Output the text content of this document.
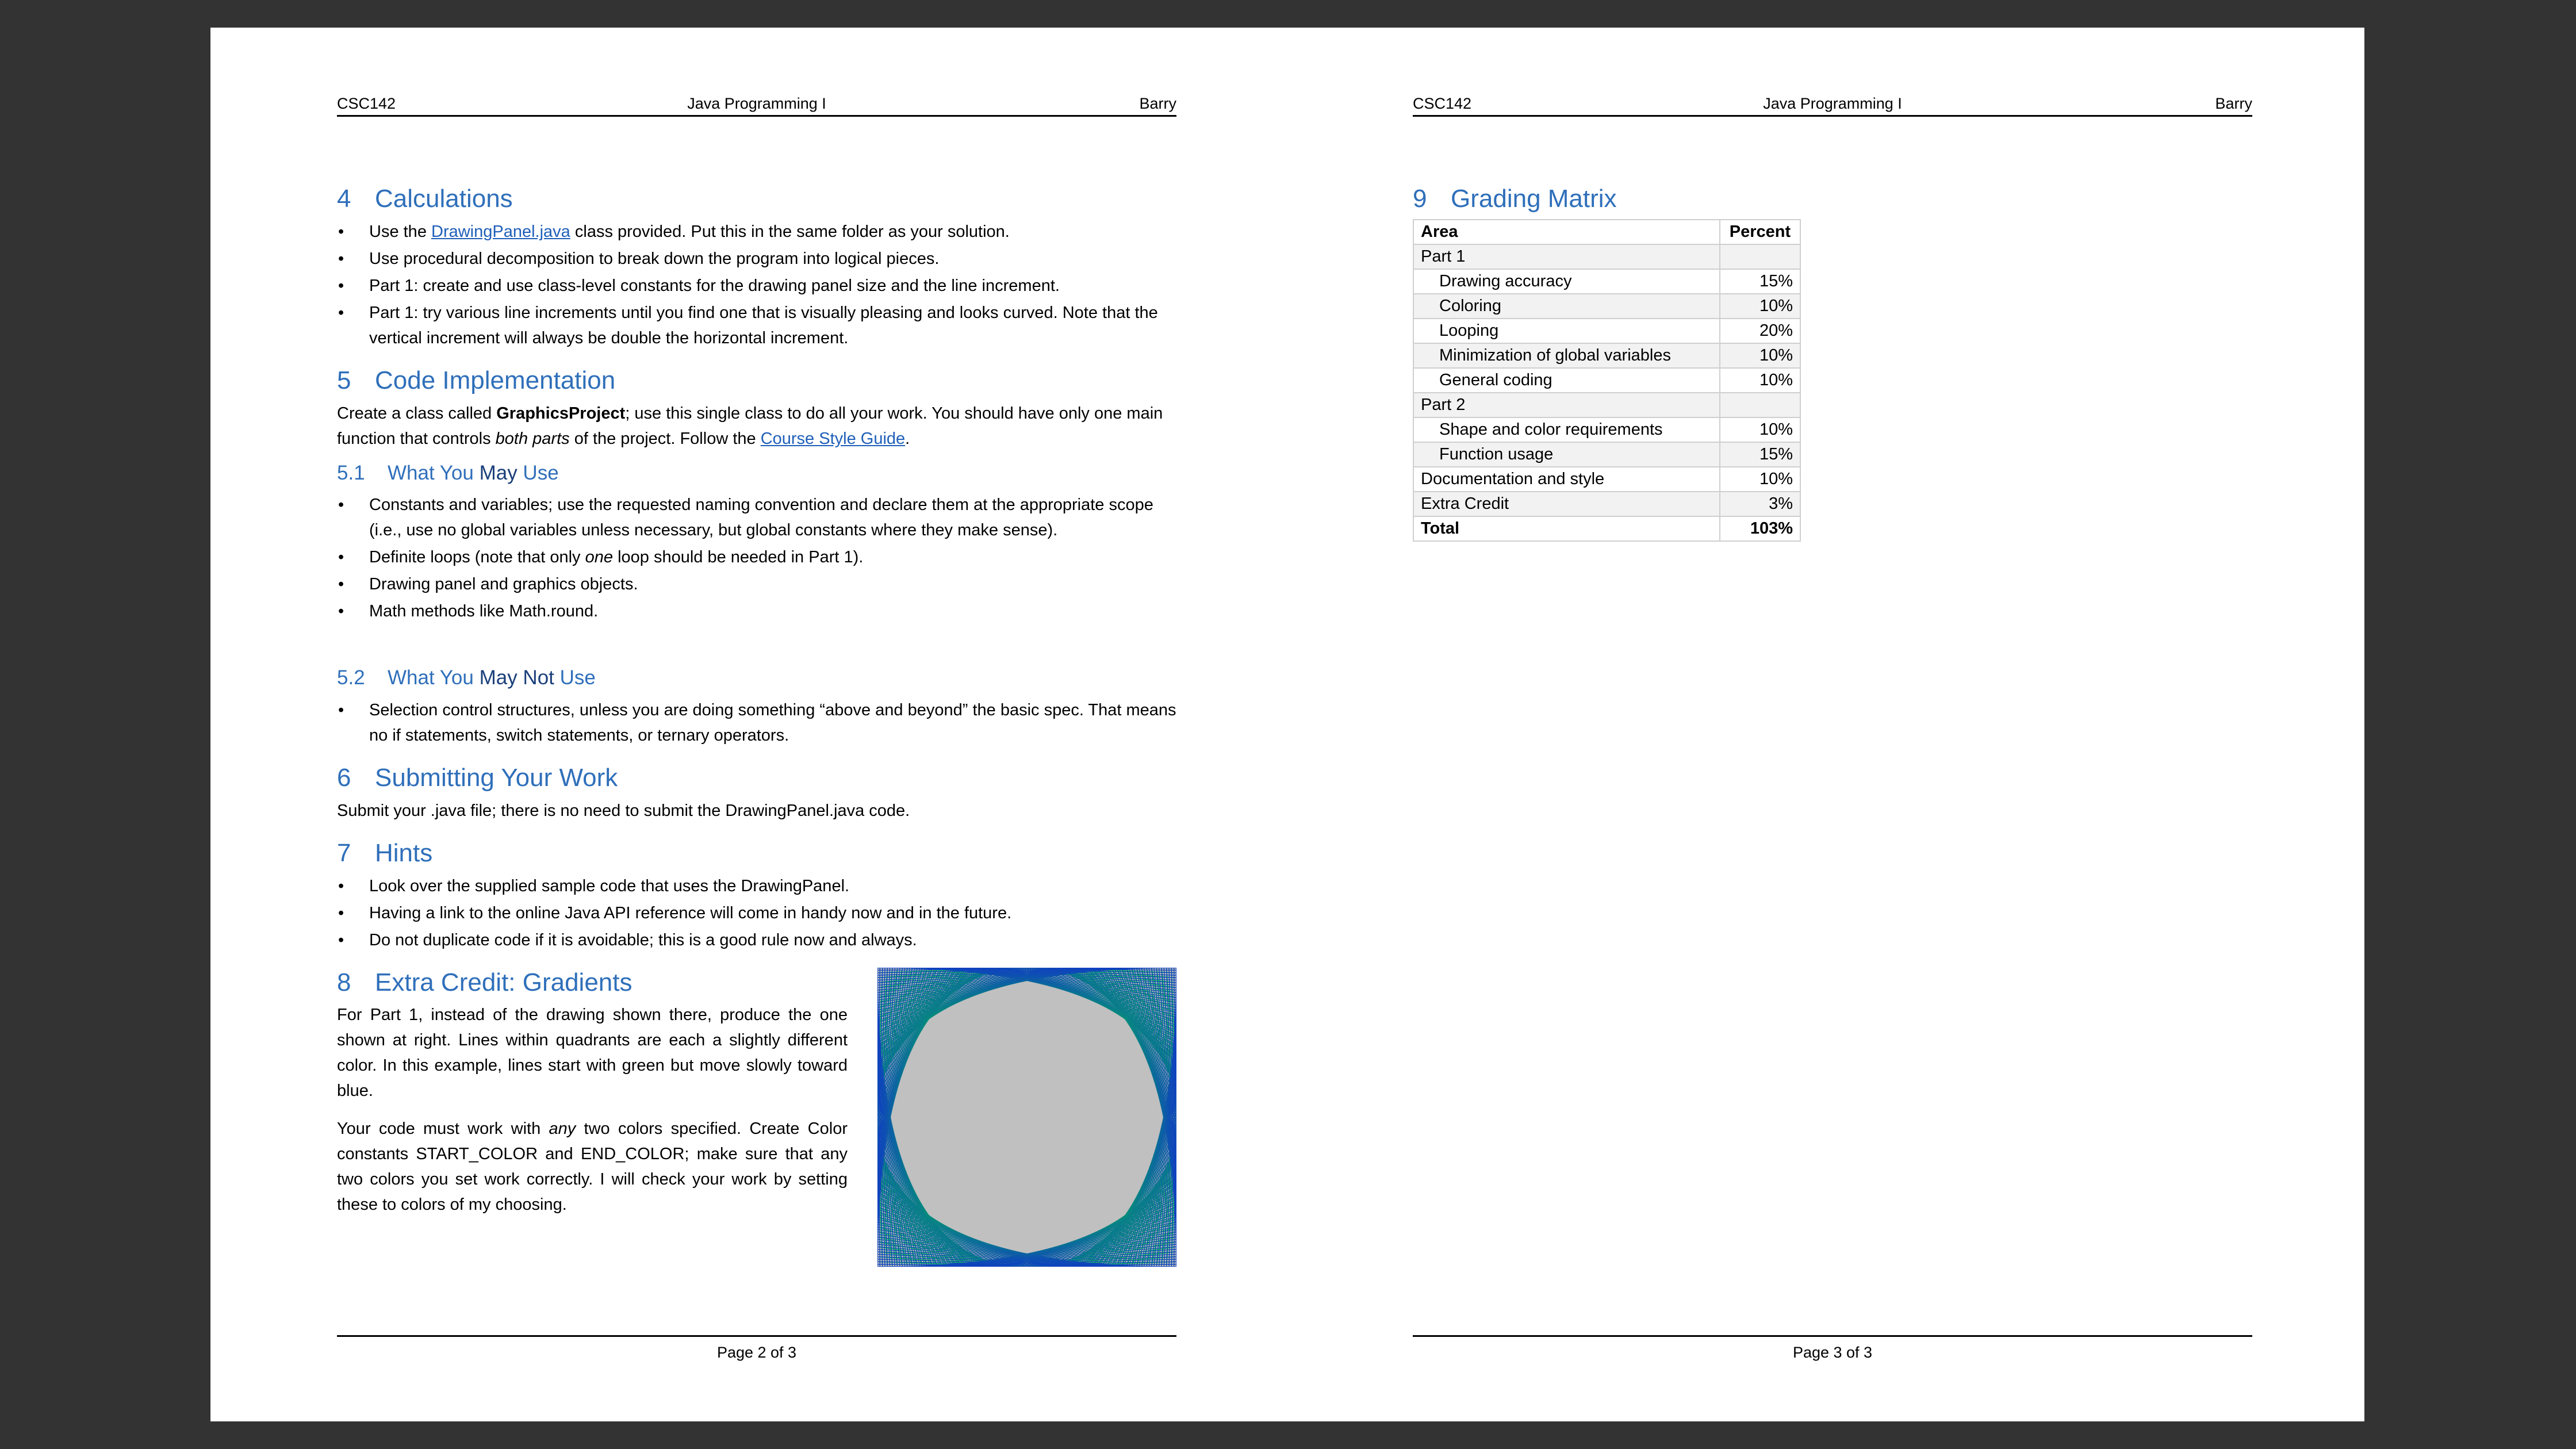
CSC142	Java Programming I	Barry
4 Calculations
• Use the DrawingPanel.java class provided. Put this in the same folder as your solution.
• Use procedural decomposition to break down the program into logical pieces.
• Part 1: create and use class-level constants for the drawing panel size and the line increment.
• Part 1: try various line increments until you find one that is visually pleasing and looks curved. Note that the vertical increment will always be double the horizontal increment.
5 Code Implementation

Create a class called GraphicsProject; use this single class to do all your work. You should have only one main function that controls both parts of the project. Follow the Course Style Guide.

5.1 What You May Use
• Constants and variables; use the requested naming convention and declare them at the appropriate scope (i.e., use no global variables unless necessary, but global constants where they make sense).
• Definite loops (note that only one loop should be needed in Part 1).
• Drawing panel and graphics objects.
• Math methods like Math.round.
5.2 What You May Not Use
• Selection control structures, unless you are doing something “above and beyond” the basic spec. That means no if statements, switch statements, or ternary operators.
6 Submitting Your Work

Submit your .java file; there is no need to submit the DrawingPanel.java code.

7 Hints
• Look over the supplied sample code that uses the DrawingPanel.
• Having a link to the online Java API reference will come in handy now and in the future.
• Do not duplicate code if it is avoidable; this is a good rule now and always.
8 Extra Credit: Gradients

For Part 1, instead of the drawing shown there, produce the one shown at right. Lines within quadrants are each a slightly different color. In this example, lines start with green but move slowly toward blue.

Your code must work with any two colors specified. Create Color constants START_COLOR and END_COLOR; make sure that any two colors you set work correctly. I will check your work by setting these to colors of my choosing.

Page 2 of 3
CSC142	Java Programming I	Barry
9 Grading Matrix
Area	Percent
Part 1	
Drawing accuracy	15%
Coloring	10%
Looping	20%
Minimization of global variables	10%
General coding	10%
Part 2	
Shape and color requirements	10%
Function usage	15%
Documentation and style	10%
Extra Credit	3%
Total	103%
Page 3 of 3
